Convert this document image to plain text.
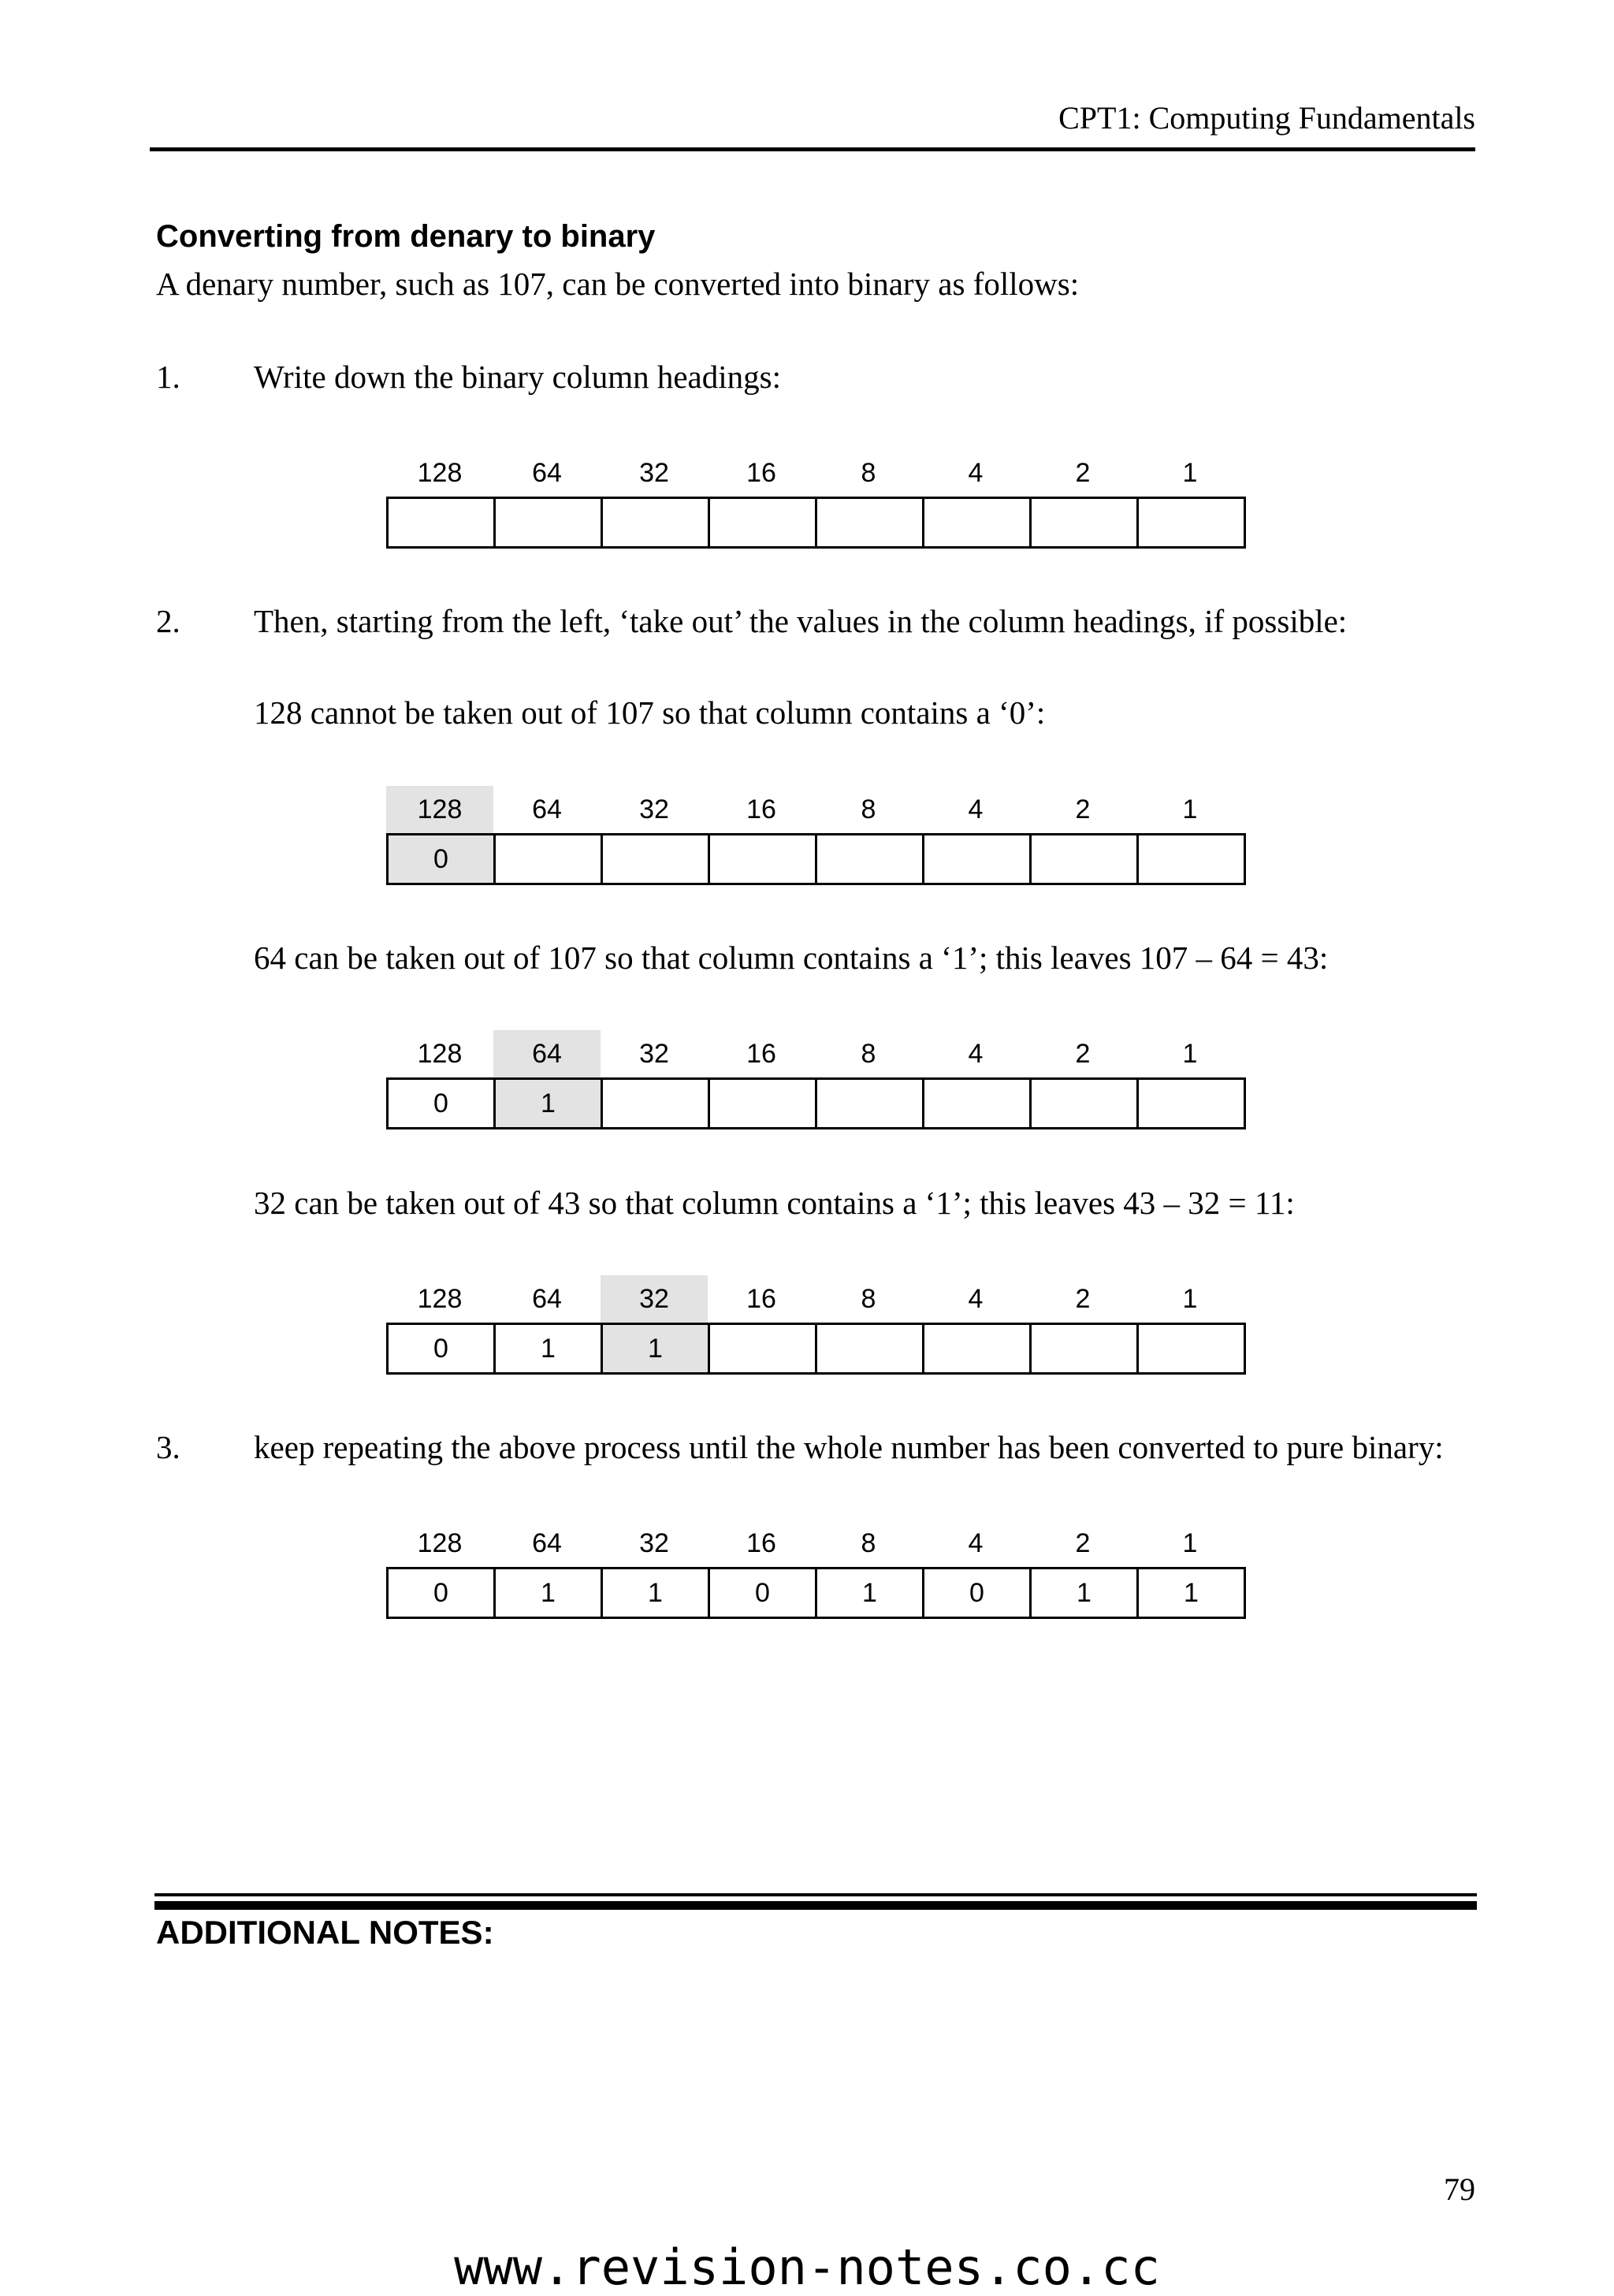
CPT1: Computing Fundamentals
Converting from denary to binary
A denary number, such as 107, can be converted into binary as follows:
1. Write down the binary column headings:
128	64	32	16	8	4	2	1
2. Then, starting from the left, ‘take out’ the values in the column headings, if possible:
128 cannot be taken out of 107 so that column contains a ‘0’:
128	64	32	16	8	4	2	1
0
64 can be taken out of 107 so that column contains a ‘1’; this leaves 107 – 64 = 43:
128	64	32	16	8	4	2	1
0	1
32 can be taken out of 43 so that column contains a ‘1’; this leaves 43 – 32 = 11:
128	64	32	16	8	4	2	1
0	1	1
3. keep repeating the above process until the whole number has been converted to pure binary:
128	64	32	16	8	4	2	1
0	1	1	0	1	0	1	1
ADDITIONAL NOTES:
79
www.revision-notes.co.cc
